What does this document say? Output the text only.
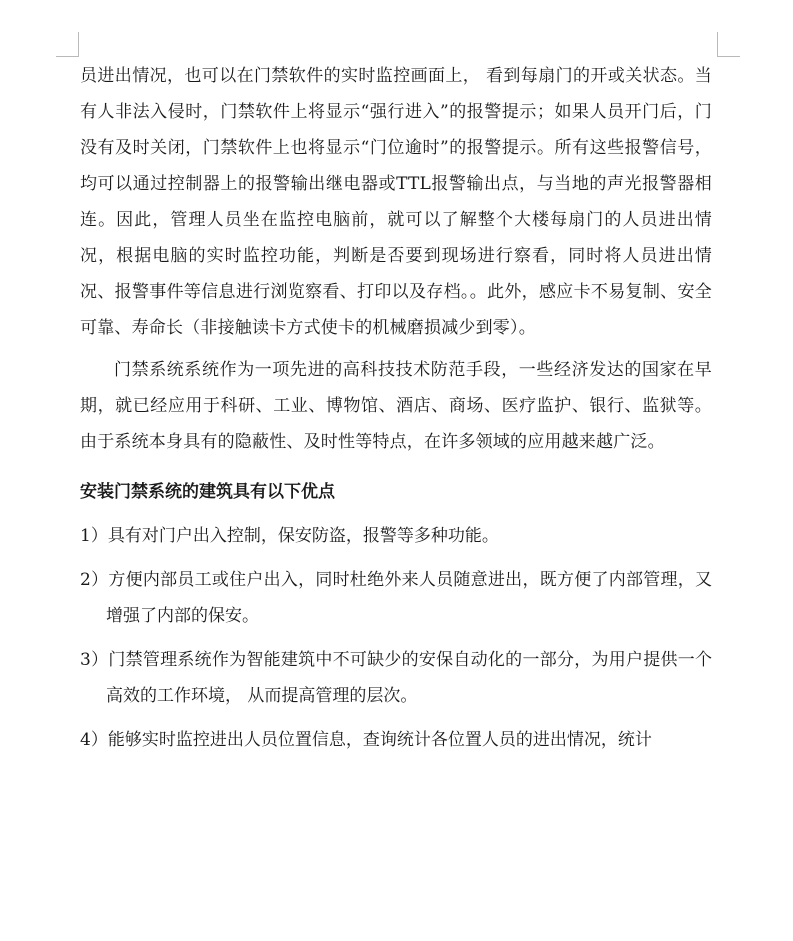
员进出情况，也可以在门禁软件的实时监控画面上， 看到每扇门的开或关状态。当有人非法入侵时，门禁软件上将显示“强行进入”的报警提示；如果人员开门后，门没有及时关闭，门禁软件上也将显示“门位逾时”的报警提示。所有这些报警信号，均可以通过控制器上的报警输出继电器或TTL报警输出点，与当地的声光报警器相连。因此，管理人员坐在监控电脑前，就可以了解整个大楼每扇门的人员进出情况，根据电脑的实时监控功能，判断是否要到现场进行察看，同时将人员进出情况、报警事件等信息进行浏览察看、打印以及存档。。此外，感应卡不易复制、安全可靠、寿命长（非接触读卡方式使卡的机械磨损减少到零）。

门禁系统系统作为一项先进的高科技技术防范手段，一些经济发达的国家在早期，就已经应用于科研、工业、博物馆、酒店、商场、医疗监护、银行、监狱等。由于系统本身具有的隐蔽性、及时性等特点，在许多领域的应用越来越广泛。

安装门禁系统的建筑具有以下优点

1）具有对门户出入控制，保安防盗，报警等多种功能。

2）方便内部员工或住户出入，同时杜绝外来人员随意进出，既方便了内部管理，又增强了内部的保安。

3）门禁管理系统作为智能建筑中不可缺少的安保自动化的一部分，为用户提供一个高效的工作环境， 从而提高管理的层次。

4）能够实时监控进出人员位置信息，查询统计各位置人员的进出情况，统计
